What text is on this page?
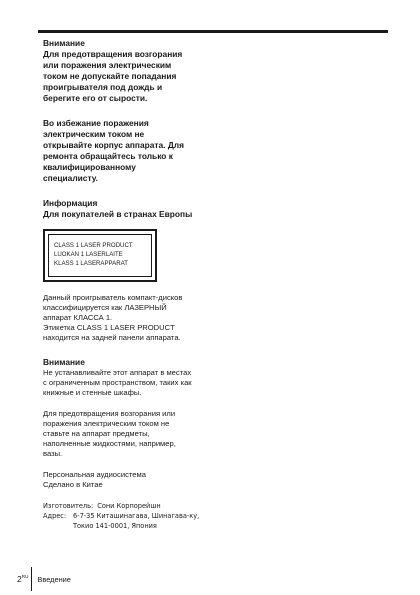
Внимание

Для предотвращения возгорания

или поражения электрическим

током не допускайте попадания

проигрывателя под дождь и

берегите его от сырости.

Во избежание поражения

электрическим током не

открывайте корпус аппарата. Для

ремонта обращайтесь только к

квалифицированному

специалисту.

Информация

Для покупателей в странах Европы

CLASS 1 LASER PRODUCT

LUOKAN 1 LASERLAITE

KLASS 1 LASERAPPARAT

Данный проигрыватель компакт-дисков

классифицируется как ЛАЗЕРНЫЙ

аппарат КЛАССА 1.

Этикетка CLASS 1 LASER PRODUCT

находится на задней панели аппарата.

Внимание

Не устанавливайте этот аппарат в местах

с ограниченным пространством, таких как

книжные и стенные шкафы.

Для предотвращения возгорания или

поражения электрическим током не

ставьте на аппарат предметы,

наполненные жидкостями, например,

вазы.

Персональная аудиосистема

Сделано в Китае

Изготовитель: Сони Корпорейшн
Адрес:	6-7-35 Киташинагава, Шинагава-ку,
Токио 141-0001, Япония
$2^{RU}$ Введение
